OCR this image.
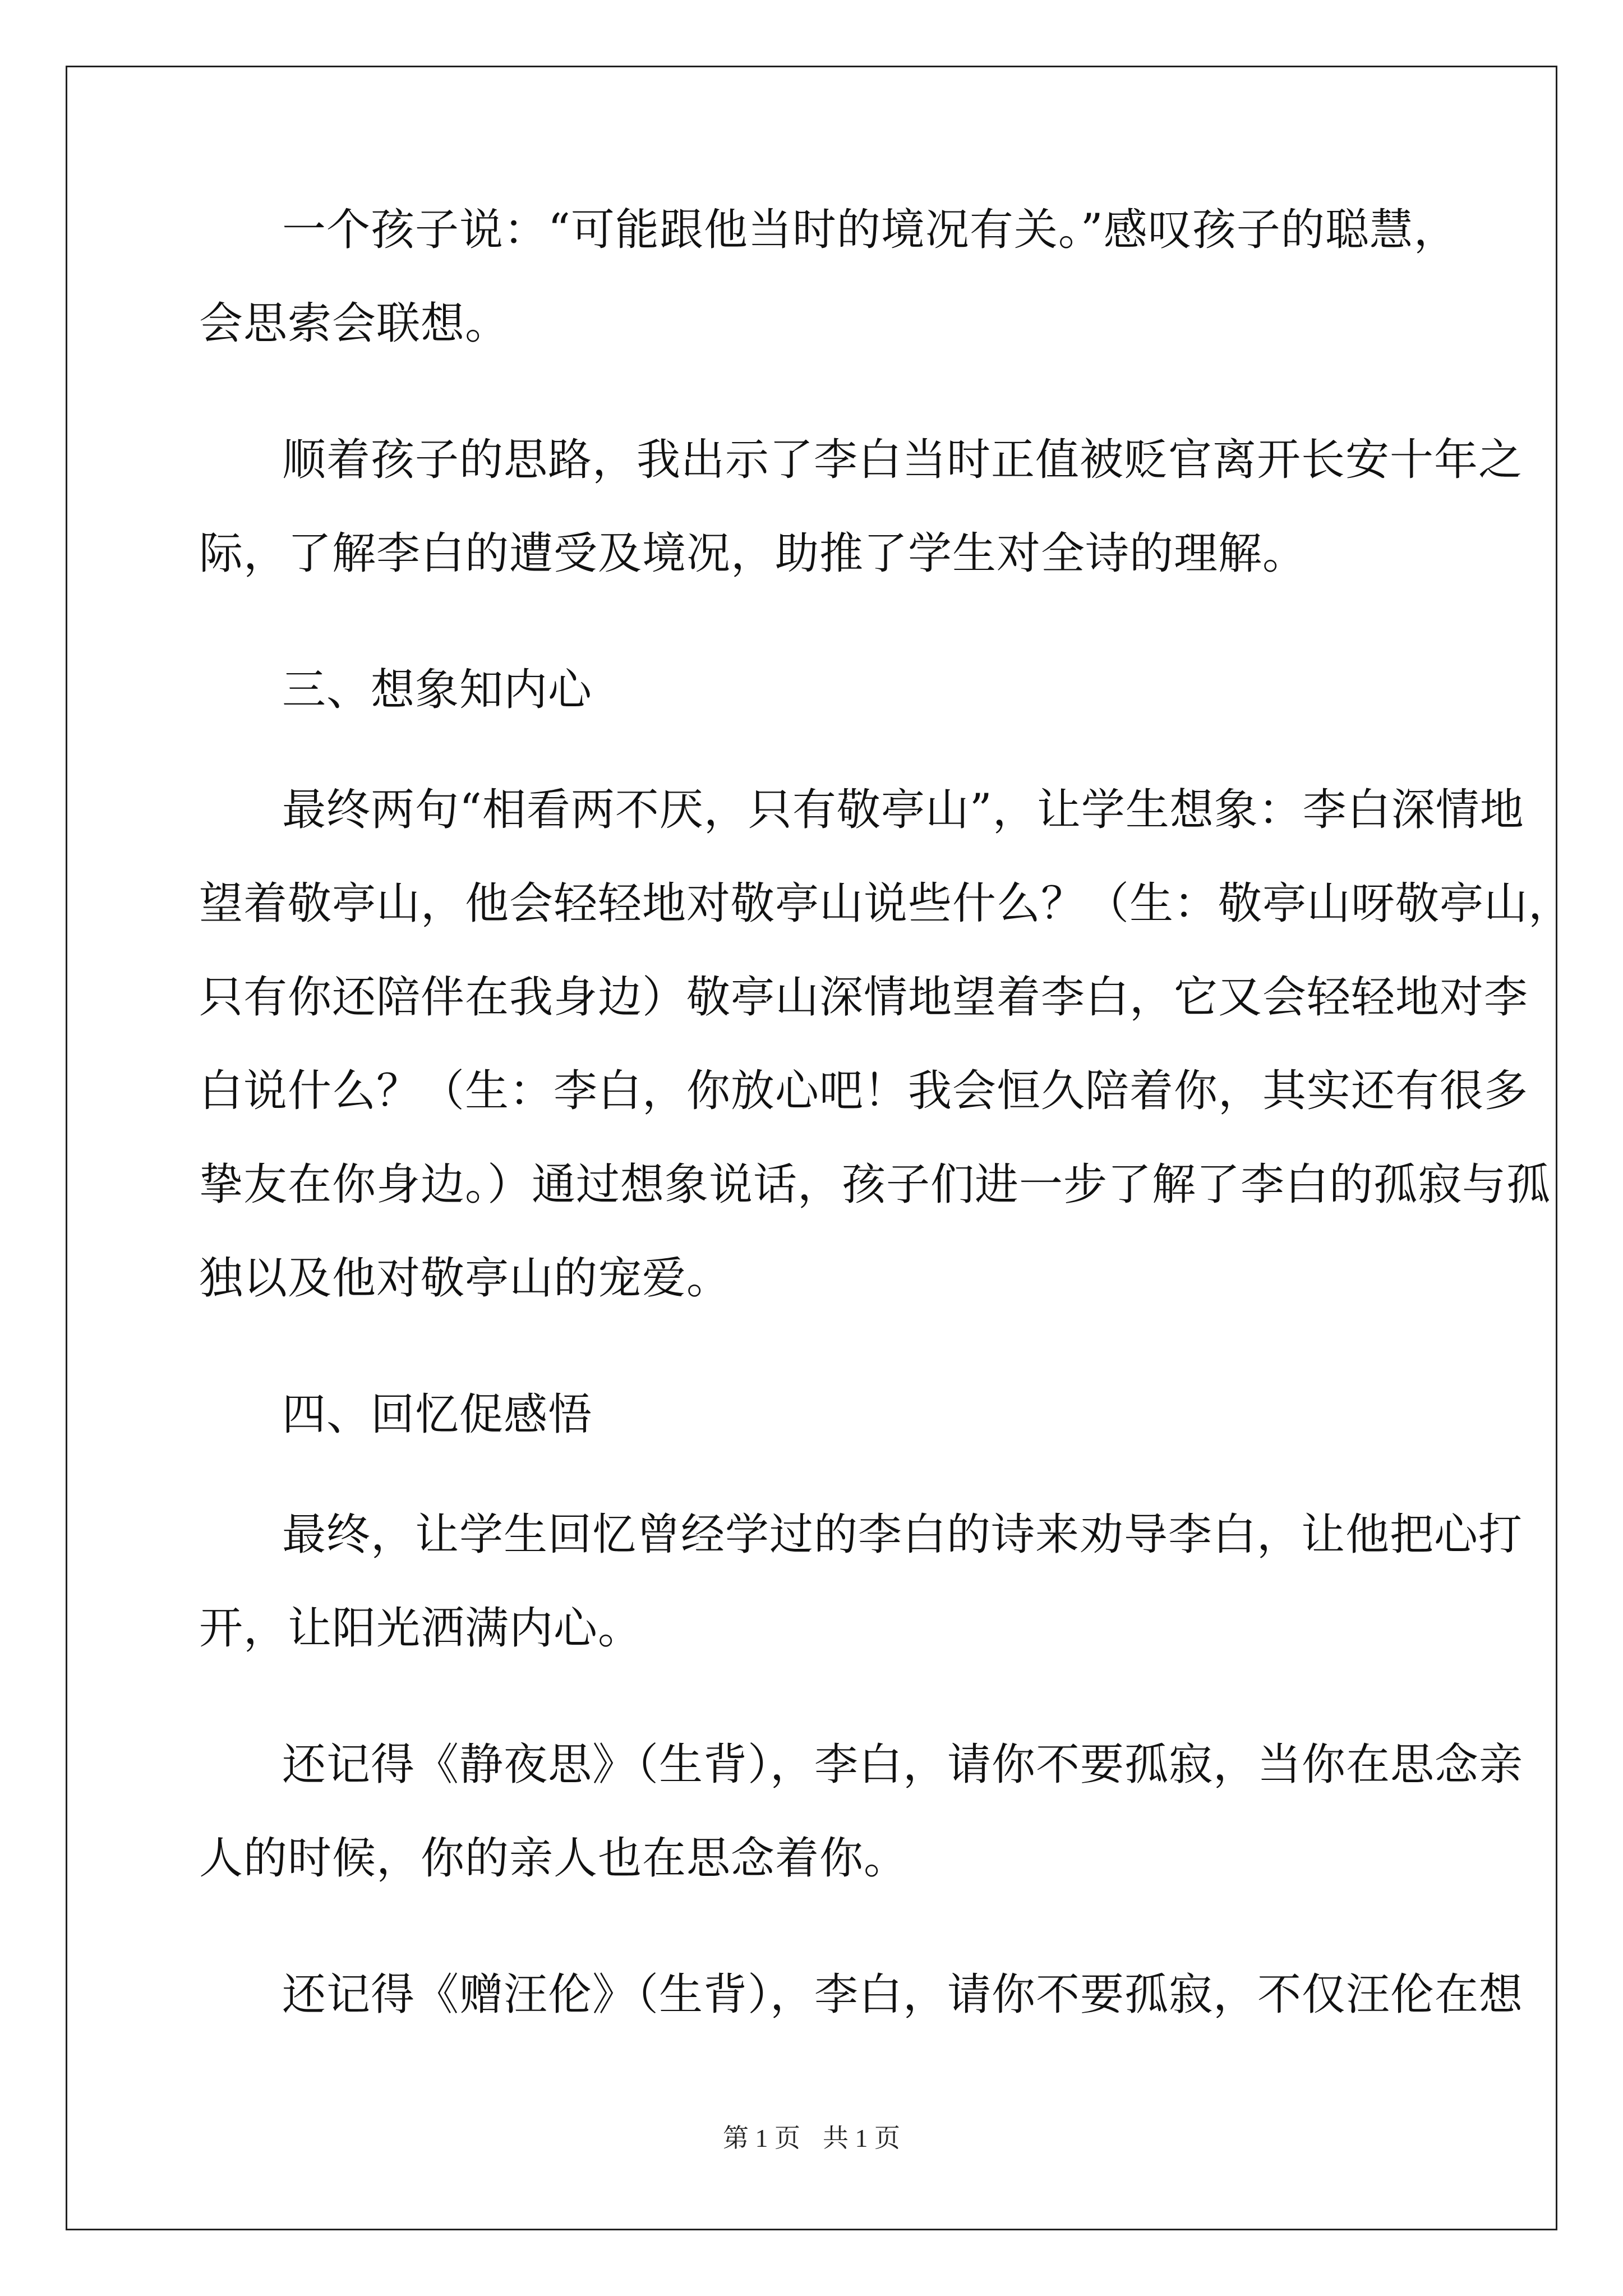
一个孩子说：“可能跟他当时的境况有关。”感叹孩子的聪慧，
会思索会联想。
顺着孩子的思路，我出示了李白当时正值被贬官离开长安十年之
际，了解李白的遭受及境况，助推了学生对全诗的理解。
三、想象知内心
最终两句“相看两不厌，只有敬亭山”，让学生想象：李白深情地
望着敬亭山，他会轻轻地对敬亭山说些什么？（生：敬亭山呀敬亭山，
只有你还陪伴在我身边）敬亭山深情地望着李白，它又会轻轻地对李
白说什么？（生：李白，你放心吧！我会恒久陪着你，其实还有很多
挚友在你身边。）通过想象说话，孩子们进一步了解了李白的孤寂与孤
独以及他对敬亭山的宠爱。
四、回忆促感悟
最终，让学生回忆曾经学过的李白的诗来劝导李白，让他把心打
开，让阳光洒满内心。
还记得《静夜思》（生背），李白，请你不要孤寂，当你在思念亲
人的时候，你的亲人也在思念着你。
还记得《赠汪伦》（生背），李白，请你不要孤寂，不仅汪伦在想
第 1 页 共 1 页
